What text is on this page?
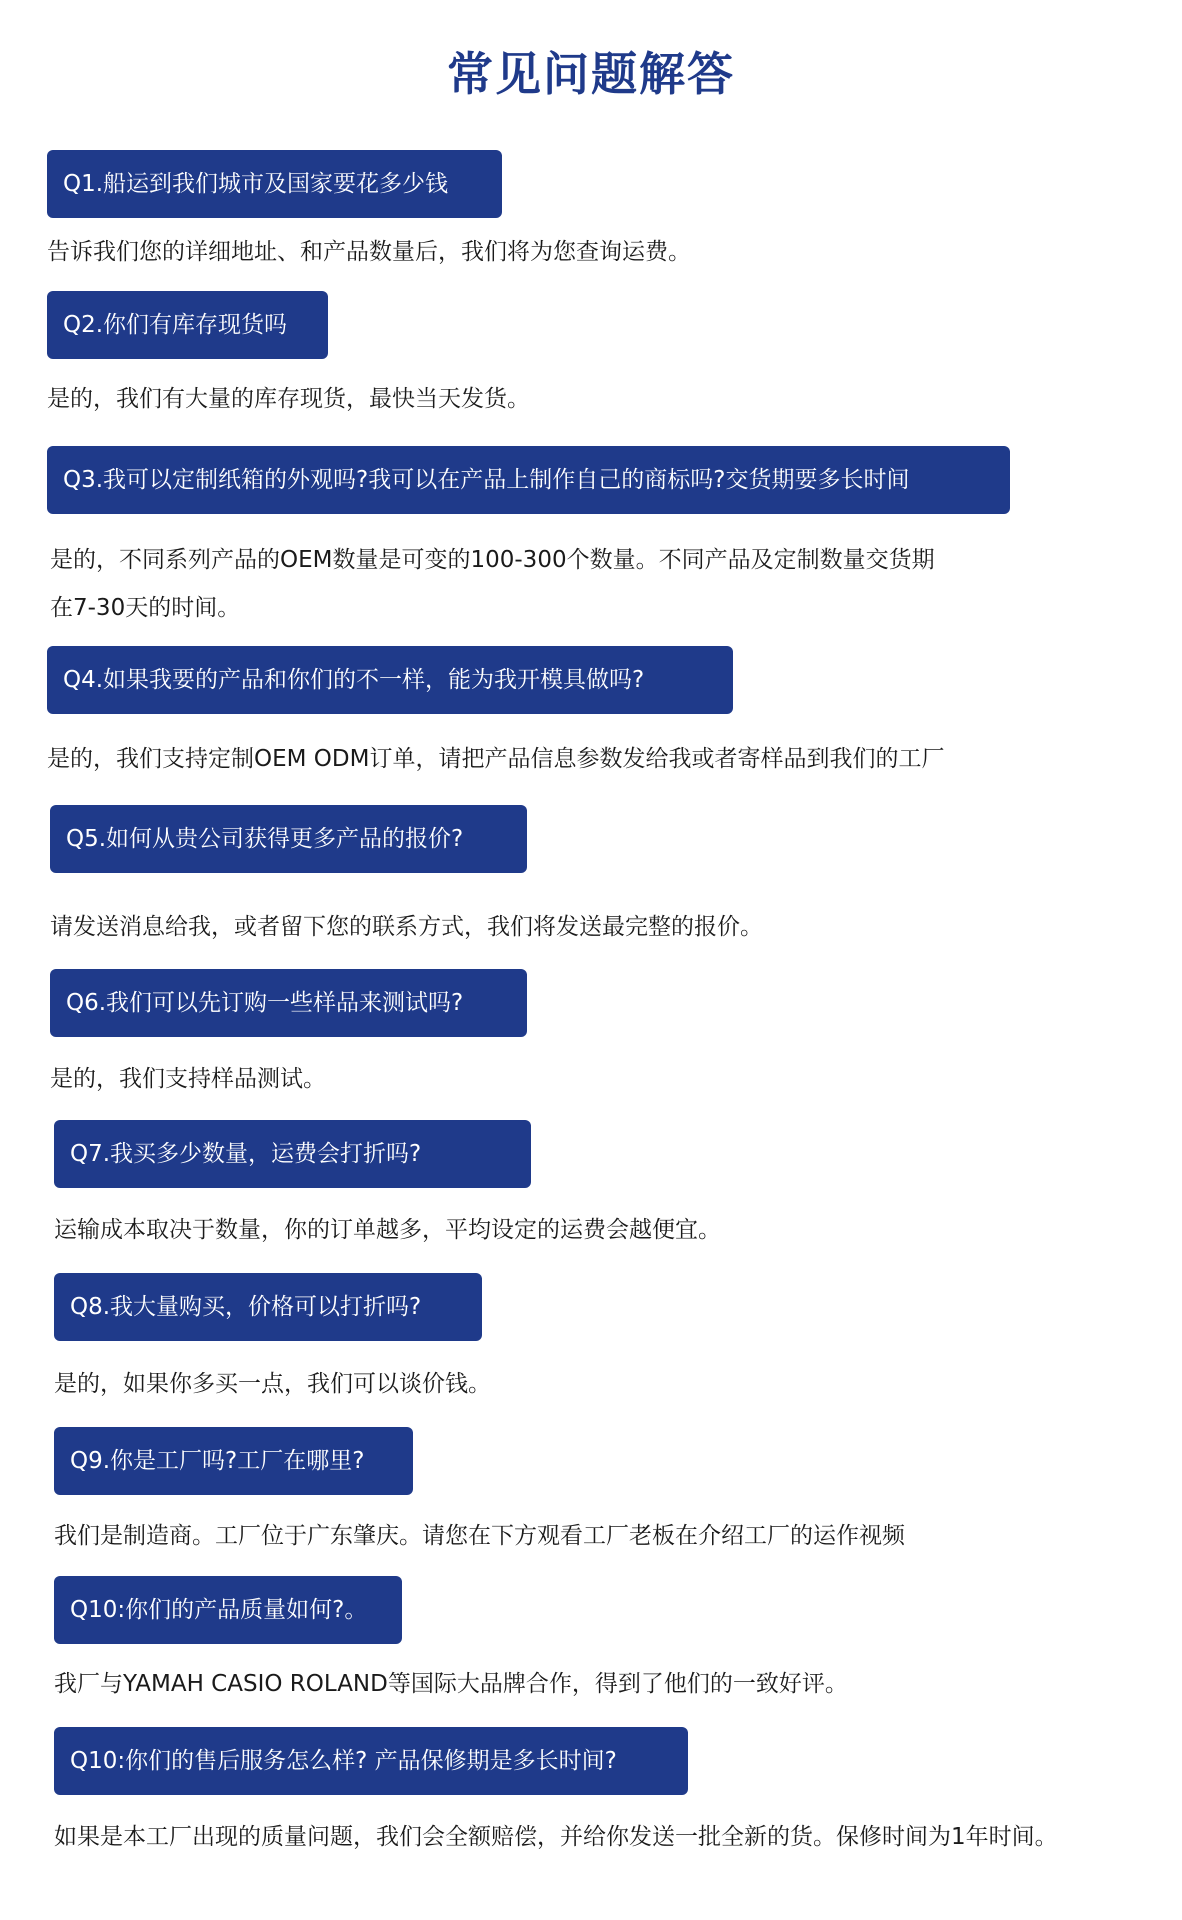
常见问题解答
Q1.船运到我们城市及国家要花多少钱
告诉我们您的详细地址、和产品数量后，我们将为您查询运费。
Q2.你们有库存现货吗
是的，我们有大量的库存现货，最快当天发货。
Q3.我可以定制纸箱的外观吗?我可以在产品上制作自己的商标吗?交货期要多长时间
是的，不同系列产品的OEM数量是可变的100-300个数量。不同产品及定制数量交货期
在7-30天的时间。
Q4.如果我要的产品和你们的不一样，能为我开模具做吗?
是的，我们支持定制OEM ODM订单，请把产品信息参数发给我或者寄样品到我们的工厂
Q5.如何从贵公司获得更多产品的报价?
请发送消息给我，或者留下您的联系方式，我们将发送最完整的报价。
Q6.我们可以先订购一些样品来测试吗?
是的，我们支持样品测试。
Q7.我买多少数量，运费会打折吗?
运输成本取决于数量，你的订单越多，平均设定的运费会越便宜。
Q8.我大量购买，价格可以打折吗?
是的，如果你多买一点，我们可以谈价钱。
Q9.你是工厂吗?工厂在哪里?
我们是制造商。工厂位于广东肇庆。请您在下方观看工厂老板在介绍工厂的运作视频
Q10:你们的产品质量如何?。
我厂与YAMAH CASIO ROLAND等国际大品牌合作，得到了他们的一致好评。
Q10:你们的售后服务怎么样? 产品保修期是多长时间?
如果是本工厂出现的质量问题，我们会全额赔偿，并给你发送一批全新的货。保修时间为1年时间。
